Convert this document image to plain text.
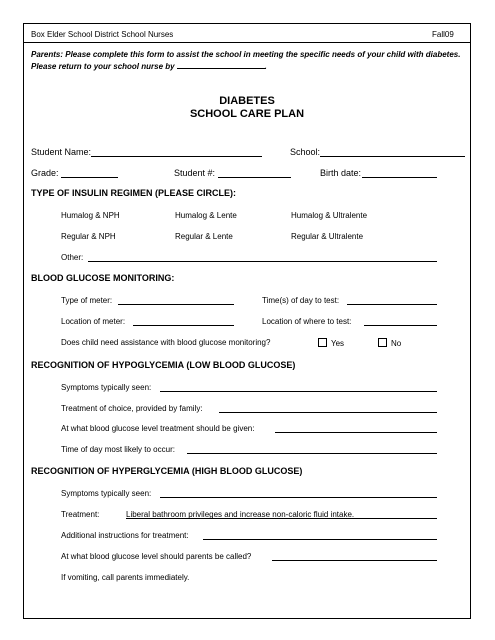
Box Elder School District School Nurses	Fall09
Parents: Please complete this form to assist the school in meeting the specific needs of your child with diabetes.
Please return to your school nurse by	.
DIABETES
SCHOOL CARE PLAN
Student Name:	School:
Grade:	Student #:	Birth date:
TYPE OF INSULIN REGIMEN (PLEASE CIRCLE):
Humalog & NPH	Humalog & Lente	Humalog & Ultralente
Regular & NPH	Regular & Lente	Regular & Ultralente
Other:
BLOOD GLUCOSE MONITORING:
Type of meter:	Time(s) of day to test:
Location of meter:	Location of where to test:
Does child need assistance with blood glucose monitoring?	Yes	No
RECOGNITION OF HYPOGLYCEMIA (LOW BLOOD GLUCOSE)
Symptoms typically seen:
Treatment of choice, provided by family:
At what blood glucose level treatment should be given:
Time of day most likely to occur:
RECOGNITION OF HYPERGLYCEMIA (HIGH BLOOD GLUCOSE)
Symptoms typically seen:
Treatment:	Liberal bathroom privileges and increase non-caloric fluid intake.
Additional instructions for treatment:
At what blood glucose level should parents be called?
If vomiting, call parents immediately.
